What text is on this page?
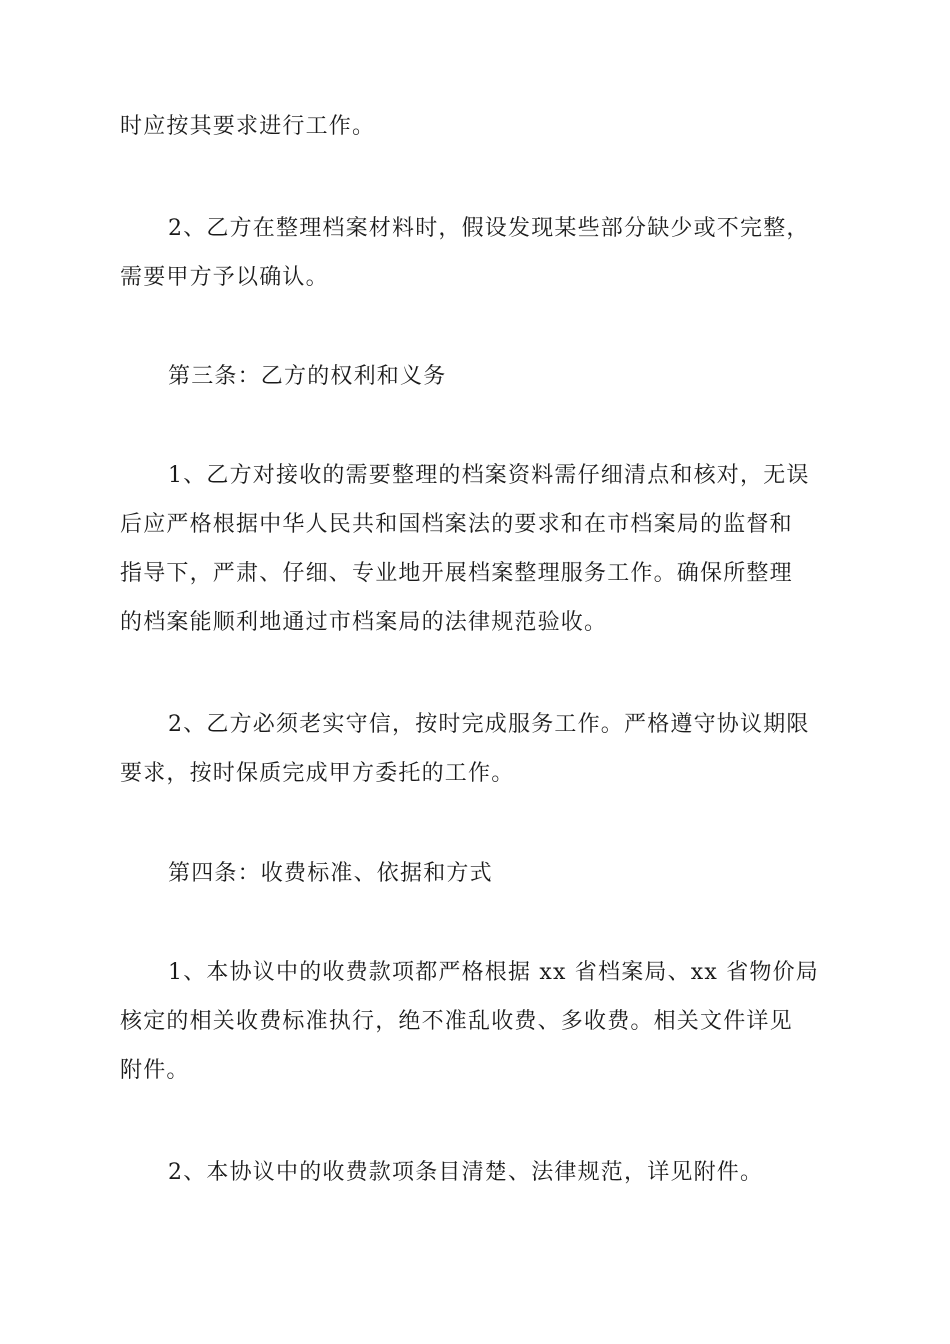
时应按其要求进行工作。

2、乙方在整理档案材料时，假设发现某些部分缺少或不完整，
需要甲方予以确认。

第三条：乙方的权利和义务

1、乙方对接收的需要整理的档案资料需仔细清点和核对，无误
后应严格根据中华人民共和国档案法的要求和在市档案局的监督和
指导下，严肃、仔细、专业地开展档案整理服务工作。确保所整理
的档案能顺利地通过市档案局的法律规范验收。

2、乙方必须老实守信，按时完成服务工作。严格遵守协议期限
要求，按时保质完成甲方委托的工作。

第四条：收费标准、依据和方式

1、本协议中的收费款项都严格根据 xx 省档案局、xx 省物价局
核定的相关收费标准执行，绝不准乱收费、多收费。相关文件详见
附件。

2、本协议中的收费款项条目清楚、法律规范，详见附件。
